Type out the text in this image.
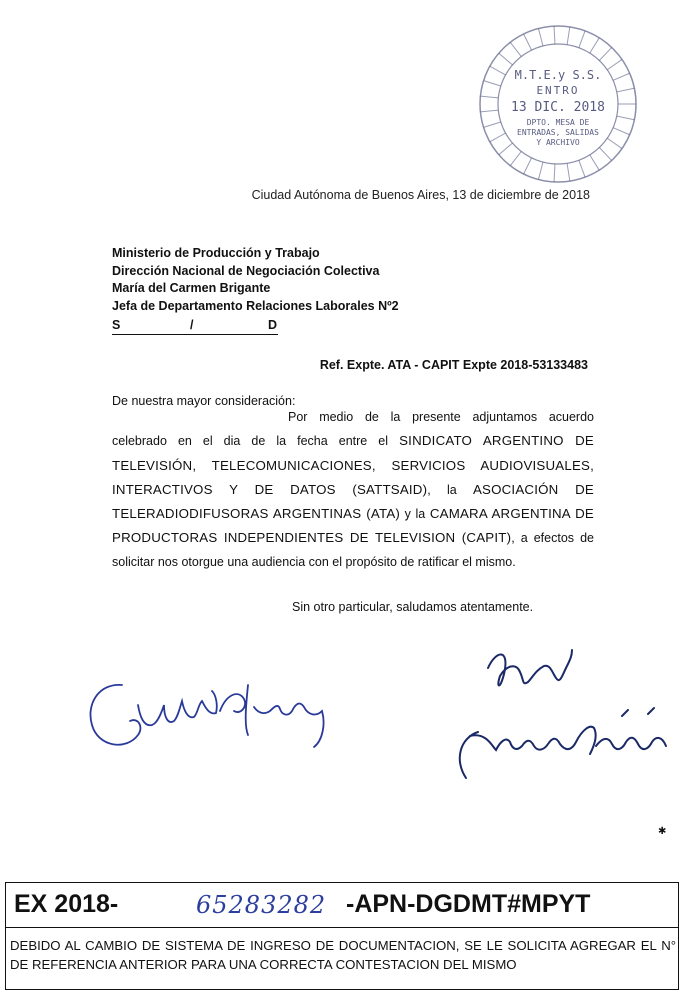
M.T.E.y S.S.
ENTRO
13 DIC. 2018
DPTO. MESA DE
ENTRADAS, SALIDAS
Y ARCHIVO
Ciudad Autónoma de Buenos Aires, 13 de diciembre de 2018
Ministerio de Producción y Trabajo
Dirección Nacional de Negociación Colectiva
María del Carmen Brigante
Jefa de Departamento Relaciones Laborales Nº2
S	/	D
Ref. Expte. ATA - CAPIT Expte 2018-53133483
De nuestra mayor consideración:
Por medio de la presente adjuntamos acuerdo celebrado en el dia de la fecha entre el SINDICATO ARGENTINO DE TELEVISIÓN, TELECOMUNICACIONES, SERVICIOS AUDIOVISUALES, INTERACTIVOS Y DE DATOS (SATTSAID), la ASOCIACIÓN DE TELERADIODIFUSORAS ARGENTINAS (ATA) y la CAMARA ARGENTINA DE PRODUCTORAS INDEPENDIENTES DE TELEVISION (CAPIT), a efectos de solicitar nos otorgue una audiencia con el propósito de ratificar el mismo.
Sin otro particular, saludamos atentamente.
✱
EX 2018-	65283282 -APN-DGDMT#MPYT
DEBIDO AL CAMBIO DE SISTEMA DE INGRESO DE DOCUMENTACION, SE LE SOLICITA AGREGAR EL N° DE REFERENCIA ANTERIOR PARA UNA CORRECTA CONTESTACION DEL MISMO
